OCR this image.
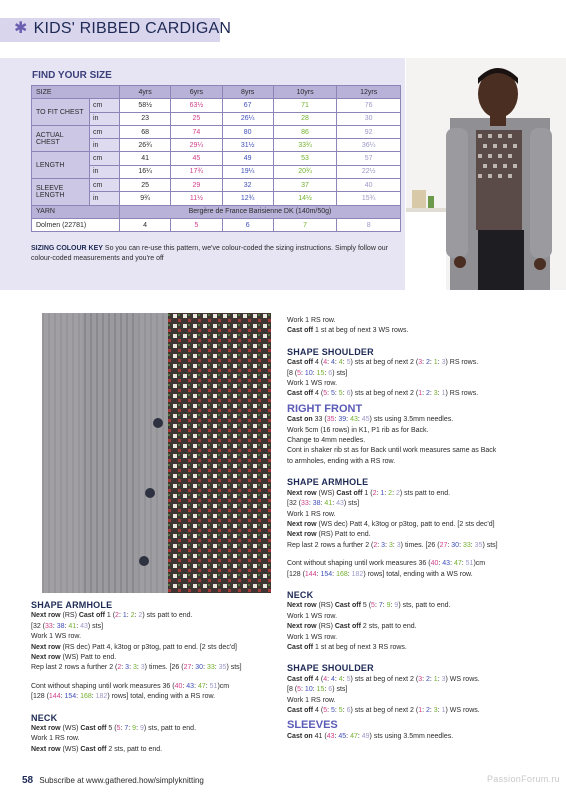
✱ KIDS' RIBBED CARDIGAN
FIND YOUR SIZE
SIZE		4yrs	6yrs	8yrs	10yrs	12yrs
TO FIT CHEST	cm	58½	63½	67	71	76
	in	23	25	26¼	28	30
ACTUAL CHEST	cm	68	74	80	86	92
	in	26¾	29¼	31½	33¾	36¼
LENGTH	cm	41	45	49	53	57
	in	16¼	17¾	19¼	20¾	22½
SLEEVE LENGTH	cm	25	29	32	37	40
	in	9¾	11½	12¾	14½	15¾
YARN		Bergère de France Barisienne DK (140m/50g)				
Dolmen (22781)		4	5	6	7	8
SIZING COLOUR KEY So you can re-use this pattern, we've colour-coded the sizing instructions. Simply follow our colour-coded measurements and you're off
Work 1 RS row.
Cast off 1 st at beg of next 3 WS rows.
SHAPE SHOULDER
Cast off 4 (4: 4: 4: 5) sts at beg of next 2 (3: 2: 1: 3) RS rows.
[8 (5: 10: 15: 6) sts]
Work 1 WS row.
Cast off 4 (5: 5: 5: 6) sts at beg of next 2 (1: 2: 3: 1) RS rows.
RIGHT FRONT
Cast on 33 (35: 39: 43: 45) sts using 3.5mm needles.
Work 5cm (16 rows) in K1, P1 rib as for Back.
Change to 4mm needles.
Cont in shaker rib st as for Back until work measures same as Back
to armholes, ending with a RS row.
SHAPE ARMHOLE
Next row (WS) Cast off 1 (2: 1: 2: 2) sts patt to end.
[32 (33: 38: 41: 43) sts]
Work 1 RS row.
Next row (WS dec) Patt 4, k3tog or p3tog, patt to end. [2 sts dec'd]
Next row (RS) Patt to end.
Rep last 2 rows a further 2 (2: 3: 3: 3) times. [26 (27: 30: 33: 35) sts]
Cont without shaping until work measures 36 (40: 43: 47: 51)cm
[128 (144: 154: 168: 182) rows] total, ending with a WS row.
NECK
Next row (RS) Cast off 5 (5: 7: 9: 9) sts, patt to end.
Work 1 WS row.
Next row (RS) Cast off 2 sts, patt to end.
Work 1 WS row.
Cast off 1 st at beg of next 3 RS rows.
SHAPE SHOULDER
Cast off 4 (4: 4: 4: 5) sts at beg of next 2 (3: 2: 1: 3) WS rows.
[8 (5: 10: 15: 6) sts]
Work 1 RS row.
Cast off 4 (5: 5: 5: 6) sts at beg of next 2 (1: 2: 3: 1) WS rows.
SLEEVES
Cast on 41 (43: 45: 47: 49) sts using 3.5mm needles.
SHAPE ARMHOLE
Next row (RS) Cast off 1 (2: 1: 2: 2) sts patt to end.
[32 (33: 38: 41: 43) sts]
Work 1 WS row.
Next row (RS dec) Patt 4, k3tog or p3tog, patt to end. [2 sts dec'd]
Next row (WS) Patt to end.
Rep last 2 rows a further 2 (2: 3: 3: 3) times. [26 (27: 30: 33: 35) sts]
Cont without shaping until work measures 36 (40: 43: 47: 51)cm
[128 (144: 154: 168: 182) rows] total, ending with a RS row.
NECK
Next row (WS) Cast off 5 (5: 7: 9: 9) sts, patt to end.
Work 1 RS row.
Next row (WS) Cast off 2 sts, patt to end.
58 Subscribe at www.gathered.how/simplyknitting	PassionForum.ru
